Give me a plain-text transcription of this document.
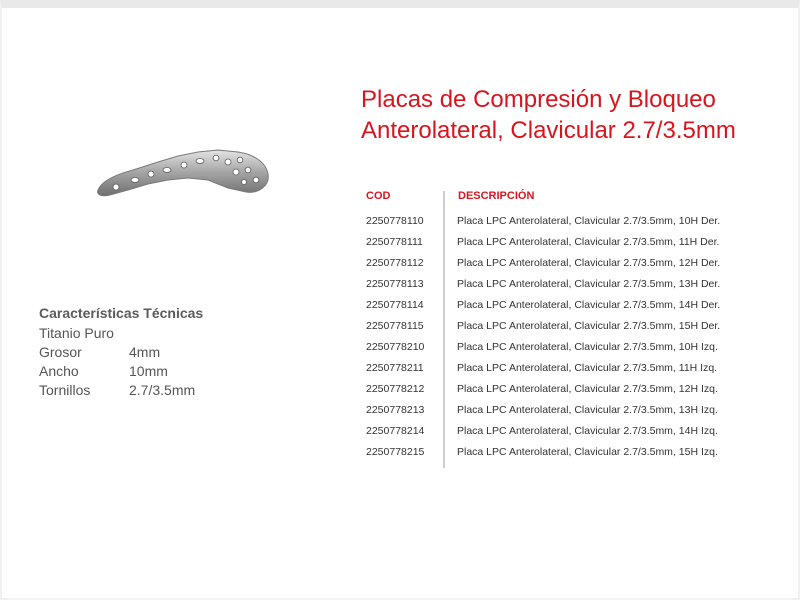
Placas de Compresión y Bloqueo
Anterolateral, Clavicular 2.7/3.5mm
Características Técnicas
Titanio Puro
Grosor	4mm
Ancho	10mm
Tornillos	2.7/3.5mm
COD	DESCRIPCIÓN
2250778110	Placa LPC Anterolateral, Clavicular 2.7/3.5mm, 10H Der.
2250778111	Placa LPC Anterolateral, Clavicular 2.7/3.5mm, 11H Der.
2250778112	Placa LPC Anterolateral, Clavicular 2.7/3.5mm, 12H Der.
2250778113	Placa LPC Anterolateral, Clavicular 2.7/3.5mm, 13H Der.
2250778114	Placa LPC Anterolateral, Clavicular 2.7/3.5mm, 14H Der.
2250778115	Placa LPC Anterolateral, Clavicular 2.7/3.5mm, 15H Der.
2250778210	Placa LPC Anterolateral, Clavicular 2.7/3.5mm, 10H Izq.
2250778211	Placa LPC Anterolateral, Clavicular 2.7/3.5mm, 11H Izq.
2250778212	Placa LPC Anterolateral, Clavicular 2.7/3.5mm, 12H Izq.
2250778213	Placa LPC Anterolateral, Clavicular 2.7/3.5mm, 13H Izq.
2250778214	Placa LPC Anterolateral, Clavicular 2.7/3.5mm, 14H Izq.
2250778215	Placa LPC Anterolateral, Clavicular 2.7/3.5mm, 15H Izq.
